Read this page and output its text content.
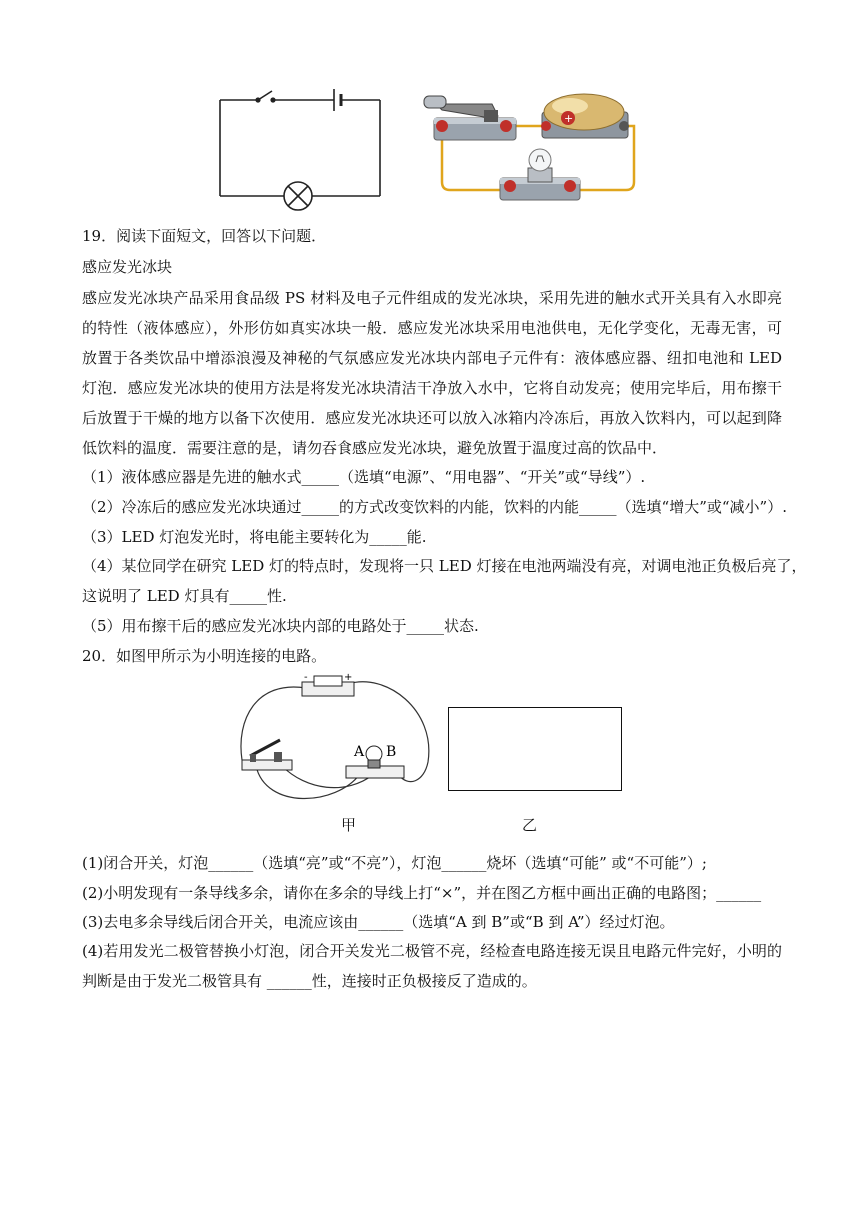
+
19．阅读下面短文，回答以下问题．
感应发光冰块
感应发光冰块产品采用食品级 PS 材料及电子元件组成的发光冰块，采用先进的触水式开关具有入水即亮
的特性（液体感应），外形仿如真实冰块一般．感应发光冰块采用电池供电，无化学变化，无毒无害，可
放置于各类饮品中增添浪漫及神秘的气氛感应发光冰块内部电子元件有：液体感应器、纽扣电池和 LED
灯泡．感应发光冰块的使用方法是将发光冰块清洁干净放入水中，它将自动发亮；使用完毕后，用布擦干
后放置于干燥的地方以备下次使用．感应发光冰块还可以放入冰箱内冷冻后，再放入饮料内，可以起到降
低饮料的温度．需要注意的是，请勿吞食感应发光冰块，避免放置于温度过高的饮品中．
（1）液体感应器是先进的触水式_____（选填“电源”、“用电器”、“开关”或“导线”）.
（2）冷冻后的感应发光冰块通过_____的方式改变饮料的内能，饮料的内能_____（选填“增大”或“减小”）.
（3）LED 灯泡发光时，将电能主要转化为_____能.
（4）某位同学在研究 LED 灯的特点时，发现将一只 LED 灯接在电池两端没有亮，对调电池正负极后亮了，
这说明了 LED 灯具有_____性.
（5）用布擦干后的感应发光冰块内部的电路处于_____状态.
20．如图甲所示为小明连接的电路。
-	+
A B
甲	乙
(1)闭合开关，灯泡______（选填“亮”或“不亮”），灯泡______烧坏（选填“可能” 或“不可能”）;
(2)小明发现有一条导线多余，请你在多余的导线上打“×”，并在图乙方框中画出正确的电路图；______
(3)去电多余导线后闭合开关，电流应该由______（选填“A 到 B”或“B 到 A”）经过灯泡。
(4)若用发光二极管替换小灯泡，闭合开关发光二极管不亮，经检查电路连接无误且电路元件完好，小明的
判断是由于发光二极管具有 ______性，连接时正负极接反了造成的。
